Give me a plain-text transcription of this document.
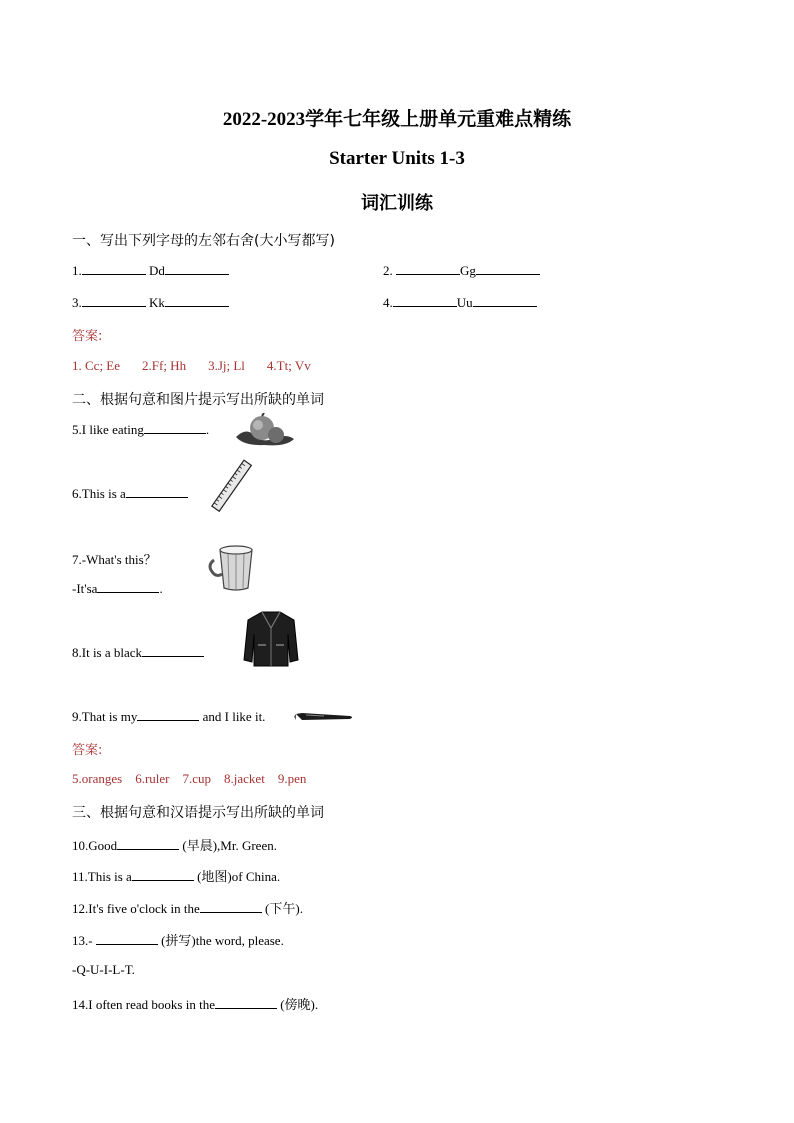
2022-2023学年七年级上册单元重难点精练
Starter Units 1-3
词汇训练
一、写出下列字母的左邻右舍(大小写都写)
1.	Dd	2.	Gg
3.	Kk	4.	Uu
答案:
1. Cc; Ee 2.Ff; Hh 3.Jj; Ll 4.Tt; Vv
二、根据句意和图片提示写出所缺的单词
5.I like eating	.
6.This is a
7.-What's this？
-It'sa	.
8.It is a black
9.That is my	and I like it.
答案:
5.oranges 6.ruler 7.cup 8.jacket 9.pen
三、根据句意和汉语提示写出所缺的单词
10.Good	(早晨),Mr. Green.
11.This is a	(地图)of China.
12.It's five o'clock in the	(下午).
13.-	(拼写)the word, please.
-Q-U-I-L-T.
14.I often read books in the	(傍晚).
